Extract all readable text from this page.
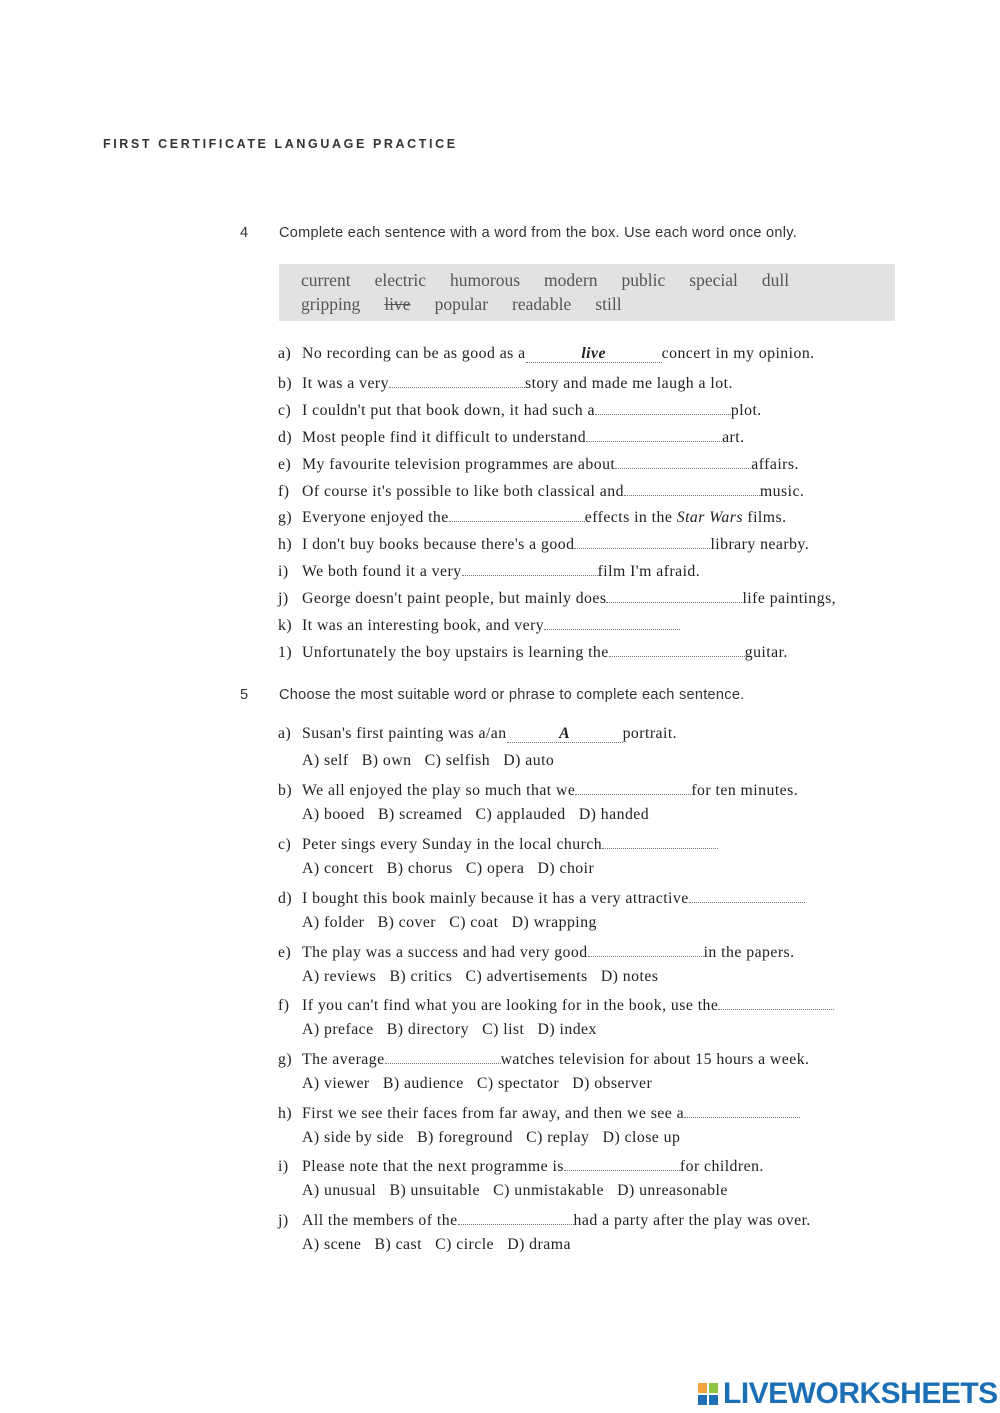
FIRST CERTIFICATE LANGUAGE PRACTICE
4 Complete each sentence with a word from the box. Use each word once only.
current electric humorous modern public special dull
gripping live popular readable still
a)No recording can be as good as a	live	concert in my opinion.
b)It was a very	story and made me laugh a lot.
c)I couldn't put that book down, it had such a	plot.
d)Most people find it difficult to understand	art.
e)My favourite television programmes are about	affairs.
f)Of course it's possible to like both classical and	music.
g)Everyone enjoyed the	effects in the Star Wars films.
h)I don't buy books because there's a good	library nearby.
i)We both found it a very	film I'm afraid.
j)George doesn't paint people, but mainly does	life paintings,
k)It was an interesting book, and very
1)Unfortunately the boy upstairs is learning the	guitar.
5 Choose the most suitable word or phrase to complete each sentence.
a)Susan's first painting was a/an	A	portrait.
A) self   B) own   C) selfish   D) auto
b)We all enjoyed the play so much that we	for ten minutes.
A) booed   B) screamed   C) applauded   D) handed
c)Peter sings every Sunday in the local church
A) concert   B) chorus   C) opera   D) choir
d)I bought this book mainly because it has a very attractive
A) folder   B) cover   C) coat   D) wrapping
e)The play was a success and had very good	in the papers.
A) reviews   B) critics   C) advertisements   D) notes
f)If you can't find what you are looking for in the book, use the
A) preface   B) directory   C) list   D) index
g)The average	watches television for about 15 hours a week.
A) viewer   B) audience   C) spectator   D) observer
h)First we see their faces from far away, and then we see a
A) side by side   B) foreground   C) replay   D) close up
i)Please note that the next programme is	for children.
A) unusual   B) unsuitable   C) unmistakable   D) unreasonable
j)All the members of the	had a party after the play was over.
A) scene   B) cast   C) circle   D) drama
LIVEWORKSHEETS
